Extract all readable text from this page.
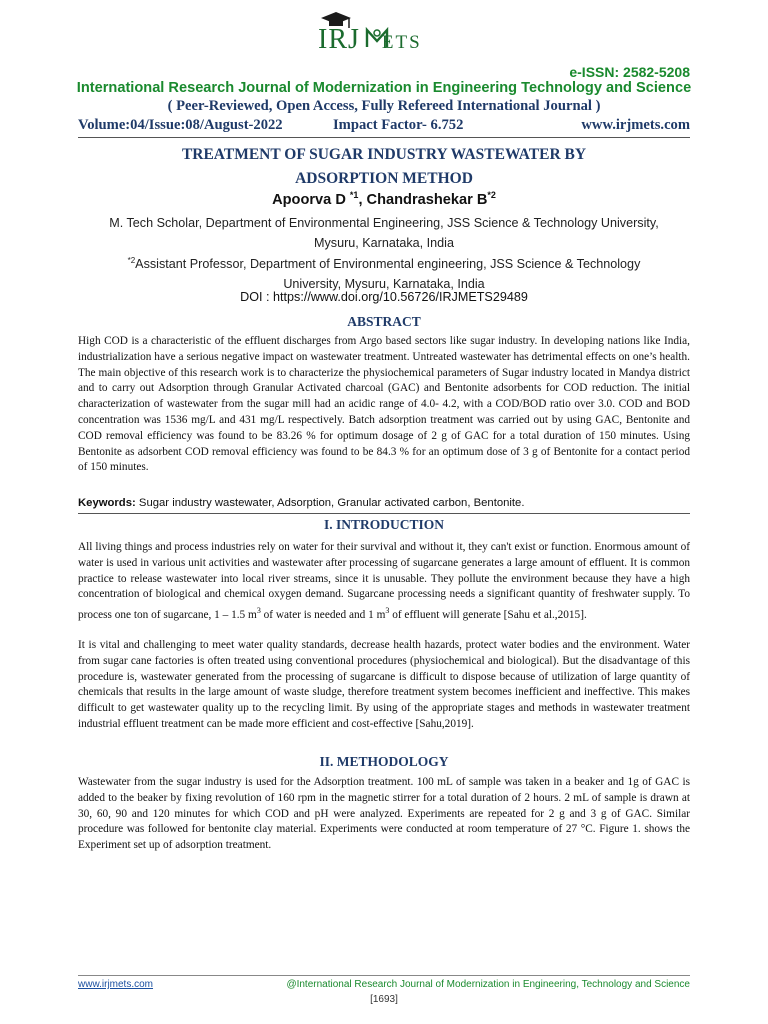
IRJ ETS
e-ISSN: 2582-5208
International Research Journal of Modernization in Engineering Technology and Science
( Peer-Reviewed, Open Access, Fully Refereed International Journal )
Volume:04/Issue:08/August-2022	Impact Factor- 6.752	www.irjmets.com
TREATMENT OF SUGAR INDUSTRY WASTEWATER BY
ADSORPTION METHOD
Apoorva D $^{*1}$, Chandrashekar $B^{*2}$
M. Tech Scholar, Department of Environmental Engineering, JSS Science & Technology University,
Mysuru, Karnataka, India
$^{*2}$Assistant Professor, Department of Environmental engineering, JSS Science & Technology
University, Mysuru, Karnataka, India
DOI : https://www.doi.org/10.56726/IRJMETS29489
ABSTRACT

High COD is a characteristic of the effluent discharges from Argo based sectors like sugar industry. In developing nations like India, industrialization have a serious negative impact on wastewater treatment. Untreated wastewater has detrimental effects on one’s health. The main objective of this research work is to characterize the physiochemical parameters of Sugar industry located in Mandya district and to carry out Adsorption through Granular Activated charcoal (GAC) and Bentonite adsorbents for COD reduction. The initial characterization of wastewater from the sugar mill had an acidic range of 4.0- 4.2, with a COD/BOD ratio over 3.0. COD and BOD concentration was 1536 mg/L and 431 mg/L respectively. Batch adsorption treatment was carried out by using GAC, Bentonite and COD removal efficiency was found to be 83.26 % for optimum dosage of 2 g of GAC for a total duration of 150 minutes. Using Bentonite as adsorbent COD removal efficiency was found to be 84.3 % for an optimum dose of 3 g of Bentonite for a contact period of 150 minutes.

Keywords: Sugar industry wastewater, Adsorption, Granular activated carbon, Bentonite.
I. INTRODUCTION

All living things and process industries rely on water for their survival and without it, they can't exist or function. Enormous amount of water is used in various unit activities and wastewater after processing of sugarcane generates a large amount of effluent. It is common practice to release wastewater into local river streams, since it is unusable. They pollute the environment because they have a high concentration of biological and chemical oxygen demand. Sugarcane processing needs a significant quantity of freshwater supply. To process one ton of sugarcane, 1 – 1.5 $m^3$ of water is needed and 1 $m^3$ of effluent will generate [Sahu et al.,2015].

It is vital and challenging to meet water quality standards, decrease health hazards, protect water bodies and the environment. Water from sugar cane factories is often treated using conventional procedures (physiochemical and biological). But the disadvantage of this procedure is, wastewater generated from the processing of sugarcane is difficult to dispose because of utilization of large quantity of chemicals that results in the large amount of waste sludge, therefore treatment system becomes inefficient and ineffective. This makes difficult to get wastewater quality up to the recycling limit. By using of the appropriate stages and methods in wastewater treatment industrial effluent treatment can be made more efficient and cost-effective [Sahu,2019].

II. METHODOLOGY

Wastewater from the sugar industry is used for the Adsorption treatment. 100 mL of sample was taken in a beaker and 1g of GAC is added to the beaker by fixing revolution of 160 rpm in the magnetic stirrer for a total duration of 2 hours. 2 mL of sample is drawn at 30, 60, 90 and 120 minutes for which COD and pH were analyzed. Experiments are repeated for 2 g and 3 g of GAC. Similar procedure was followed for bentonite clay material. Experiments were conducted at room temperature of 27 °C. Figure 1. shows the Experiment set up of adsorption treatment.

www.irjmets.com	@International Research Journal of Modernization in Engineering, Technology and Science
[1693]
